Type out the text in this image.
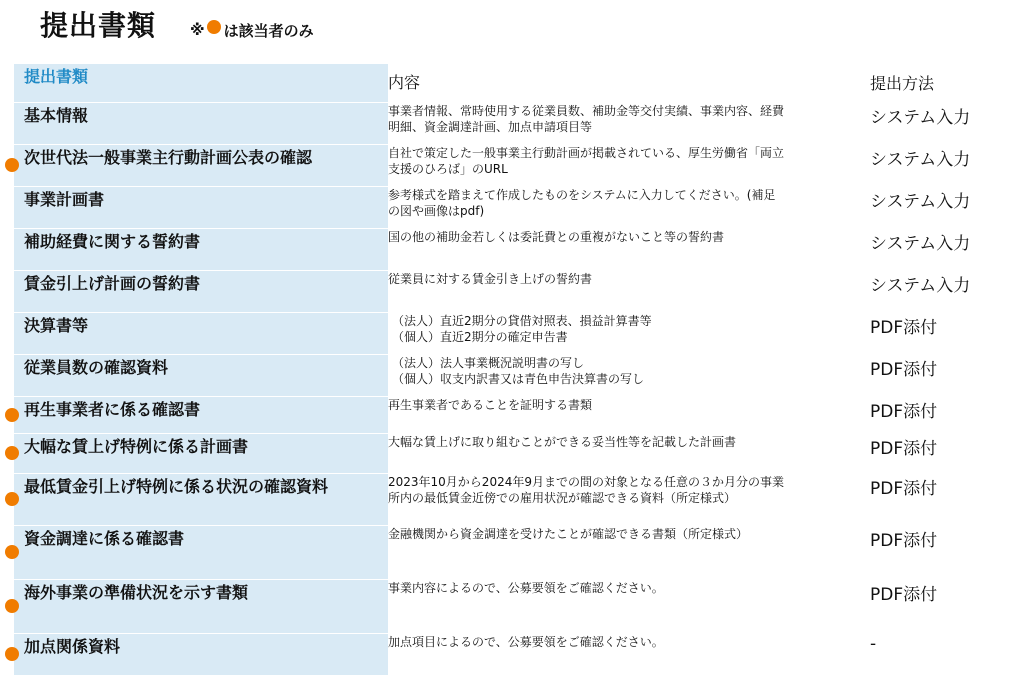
提出書類 ※ は該当者のみ
提出書類	内容	提出方法

基本情報	事業者情報、常時使用する従業員数、補助金等交付実績、事業内容、経費
明細、資金調達計画、加点申請項目等	システム入力

次世代法一般事業主行動計画公表の確認	自社で策定した一般事業主行動計画が掲載されている、厚生労働省「両立
支援のひろば」のURL	システム入力

事業計画書	参考様式を踏まえて作成したものをシステムに入力してください。(補足
の図や画像はpdf)	システム入力

補助経費に関する誓約書	国の他の補助金若しくは委託費との重複がないこと等の誓約書	システム入力

賃金引上げ計画の誓約書	従業員に対する賃金引き上げの誓約書	システム入力

決算書等	（法人）直近2期分の貸借対照表、損益計算書等
（個人）直近2期分の確定申告書	PDF添付

従業員数の確認資料	（法人）法人事業概況説明書の写し
（個人）収支内訳書又は青色申告決算書の写し	PDF添付

再生事業者に係る確認書	再生事業者であることを証明する書類	PDF添付

大幅な賃上げ特例に係る計画書	大幅な賃上げに取り組むことができる妥当性等を記載した計画書	PDF添付

最低賃金引上げ特例に係る状況の確認資料	2023年10月から2024年9月までの間の対象となる任意の３か月分の事業
所内の最低賃金近傍での雇用状況が確認できる資料（所定様式）	PDF添付

資金調達に係る確認書	金融機関から資金調達を受けたことが確認できる書類（所定様式）	PDF添付

海外事業の準備状況を示す書類	事業内容によるので、公募要領をご確認ください。	PDF添付

加点関係資料	加点項目によるので、公募要領をご確認ください。	-
